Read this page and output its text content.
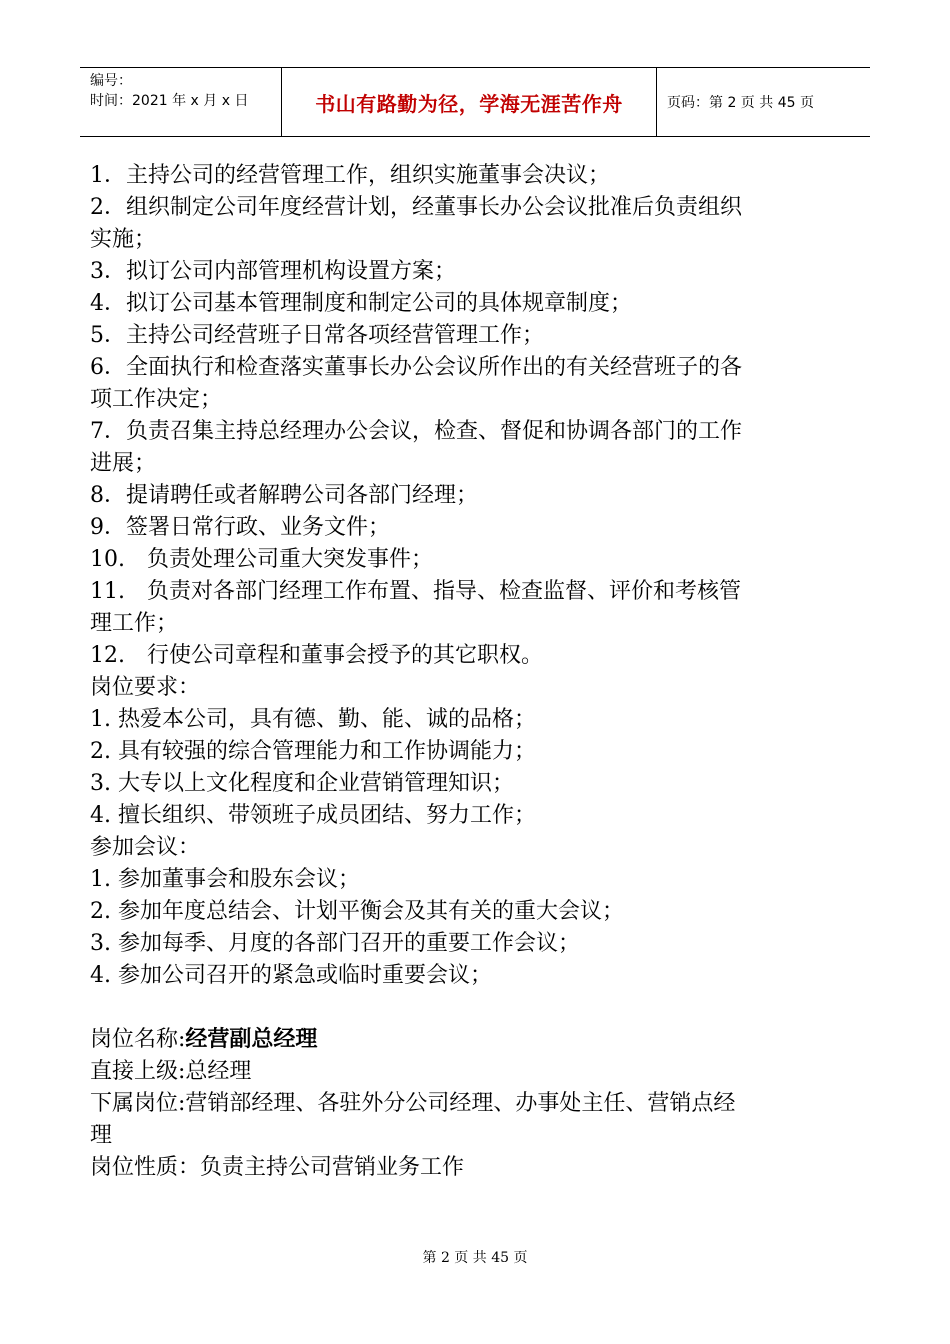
编号：
时间：2021 年 x 月 x 日	书山有路勤为径，学海无涯苦作舟	页码：第 2 页 共 45 页
1．主持公司的经营管理工作，组织实施董事会决议；
2．组织制定公司年度经营计划，经董事长办公会议批准后负责组织
实施；
3．拟订公司内部管理机构设置方案；
4．拟订公司基本管理制度和制定公司的具体规章制度；
5．主持公司经营班子日常各项经营管理工作；
6．全面执行和检查落实董事长办公会议所作出的有关经营班子的各
项工作决定；
7．负责召集主持总经理办公会议，检查、督促和协调各部门的工作
进展；
8．提请聘任或者解聘公司各部门经理；
9．签署日常行政、业务文件；
10.　负责处理公司重大突发事件；
11.　负责对各部门经理工作布置、指导、检查监督、评价和考核管
理工作；
12.　行使公司章程和董事会授予的其它职权。
岗位要求：
1. 热爱本公司，具有德、勤、能、诚的品格；
2. 具有较强的综合管理能力和工作协调能力；
3. 大专以上文化程度和企业营销管理知识；
4. 擅长组织、带领班子成员团结、努力工作；
参加会议：
1. 参加董事会和股东会议；
2. 参加年度总结会、计划平衡会及其有关的重大会议；
3. 参加每季、月度的各部门召开的重要工作会议；
4. 参加公司召开的紧急或临时重要会议；
岗位名称:经营副总经理
直接上级:总经理
下属岗位:营销部经理、各驻外分公司经理、办事处主任、营销点经
理
岗位性质：负责主持公司营销业务工作
第 2 页 共 45 页
